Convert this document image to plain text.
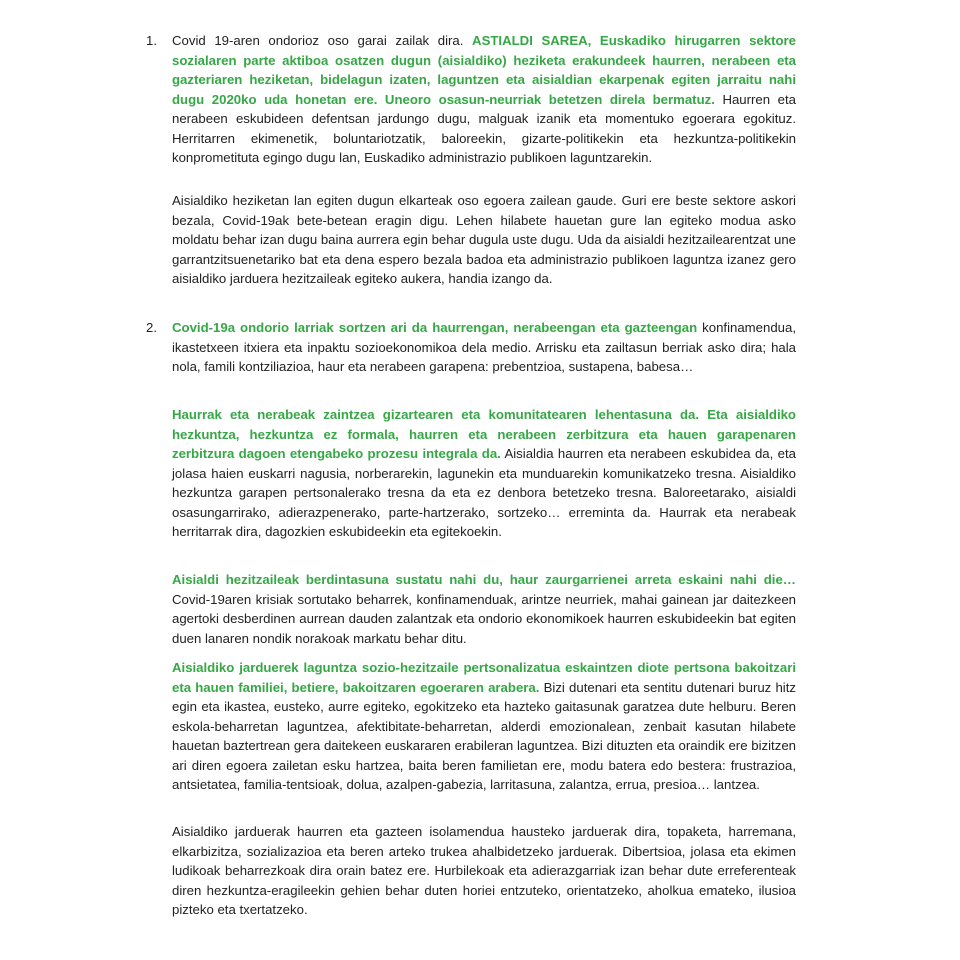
1. Covid 19-aren ondorioz oso garai zailak dira. ASTIALDI SAREA, Euskadiko hirugarren sektore sozialaren parte aktiboa osatzen dugun (aisialdiko) heziketa erakundeek haurren, nerabeen eta gazteriaren heziketan, bidelagun izaten, laguntzen eta aisialdian ekarpenak egiten jarraitu nahi dugu 2020ko uda honetan ere. Uneoro osasun-neurriak betetzen direla bermatuz. Haurren eta nerabeen eskubideen defentsan jardungo dugu, malguak izanik eta momentuko egoerara egokituz. Herritarren ekimenetik, boluntariotzatik, baloreekin, gizarte-politikekin eta hezkuntza-politikekin konprometituta egingo dugu lan, Euskadiko administrazio publikoen laguntzarekin.

Aisialdiko heziketan lan egiten dugun elkarteak oso egoera zailean gaude. Guri ere beste sektore askori bezala, Covid-19ak bete-betean eragin digu. Lehen hilabete hauetan gure lan egiteko modua asko moldatu behar izan dugu baina aurrera egin behar dugula uste dugu. Uda da aisialdi hezitzailearentzat une garrantzitsuenetariko bat eta dena espero bezala badoa eta administrazio publikoen laguntza izanez gero aisialdiko jarduera hezitzaileak egiteko aukera, handia izango da.

2. Covid-19a ondorio larriak sortzen ari da haurrengan, nerabeengan eta gazteengan konfinamendua, ikastetxeen itxiera eta inpaktu sozioekonomikoa dela medio. Arrisku eta zailtasun berriak asko dira; hala nola, famili kontziliazioa, haur eta nerabeen garapena: prebentzioa, sustapena, babesa…

Haurrak eta nerabeak zaintzea gizartearen eta komunitatearen lehentasuna da. Eta aisialdiko hezkuntza, hezkuntza ez formala, haurren eta nerabeen zerbitzura eta hauen garapenaren zerbitzura dagoen etengabeko prozesu integrala da. Aisialdia haurren eta nerabeen eskubidea da, eta jolasa haien euskarri nagusia, norberarekin, lagunekin eta munduarekin komunikatzeko tresna. Aisialdiko hezkuntza garapen pertsonalerako tresna da eta ez denbora betetzeko tresna. Baloreetarako, aisialdi osasungarrirako, adierazpenerako, parte-hartzerako, sortzeko… erreminta da. Haurrak eta nerabeak herritarrak dira, dagozkien eskubideekin eta egitekoekin.

Aisialdi hezitzaileak berdintasuna sustatu nahi du, haur zaurgarrienei arreta eskaini nahi die… Covid-19aren krisiak sortutako beharrek, konfinamenduak, arintze neurriek, mahai gainean jar daitezkeen agertoki desberdinen aurrean dauden zalantzak eta ondorio ekonomikoek haurren eskubideekin bat egiten duen lanaren nondik norakoak markatu behar ditu.

Aisialdiko jarduerek laguntza sozio-hezitzaile pertsonalizatua eskaintzen diote pertsona bakoitzari eta hauen familiei, betiere, bakoitzaren egoeraren arabera. Bizi dutenari eta sentitu dutenari buruz hitz egin eta ikastea, eusteko, aurre egiteko, egokitzeko eta hazteko gaitasunak garatzea dute helburu. Beren eskola-beharretan laguntzea, afektibitate-beharretan, alderdi emozionalean, zenbait kasutan hilabete hauetan baztertrean gera daitekeen euskararen erabileran laguntzea. Bizi dituzten eta oraindik ere bizitzen ari diren egoera zailetan esku hartzea, baita beren familietan ere, modu batera edo bestera: frustrazioa, antsietatea, familia-tentsioak, dolua, azalpen-gabezia, larritasuna, zalantza, errua, presioa… lantzea.

Aisialdiko jarduerak haurren eta gazteen isolamendua hausteko jarduerak dira, topaketa, harremana, elkarbizitza, sozializazioa eta beren arteko trukea ahalbidetzeko jarduerak. Dibertsioa, jolasa eta ekimen ludikoak beharrezkoak dira orain batez ere. Hurbilekoak eta adierazgarriak izan behar dute erreferenteak diren hezkuntza-eragileekin gehien behar duten horiei entzuteko, orientatzeko, aholkua emateko, ilusioa pizteko eta txertatzeko.
